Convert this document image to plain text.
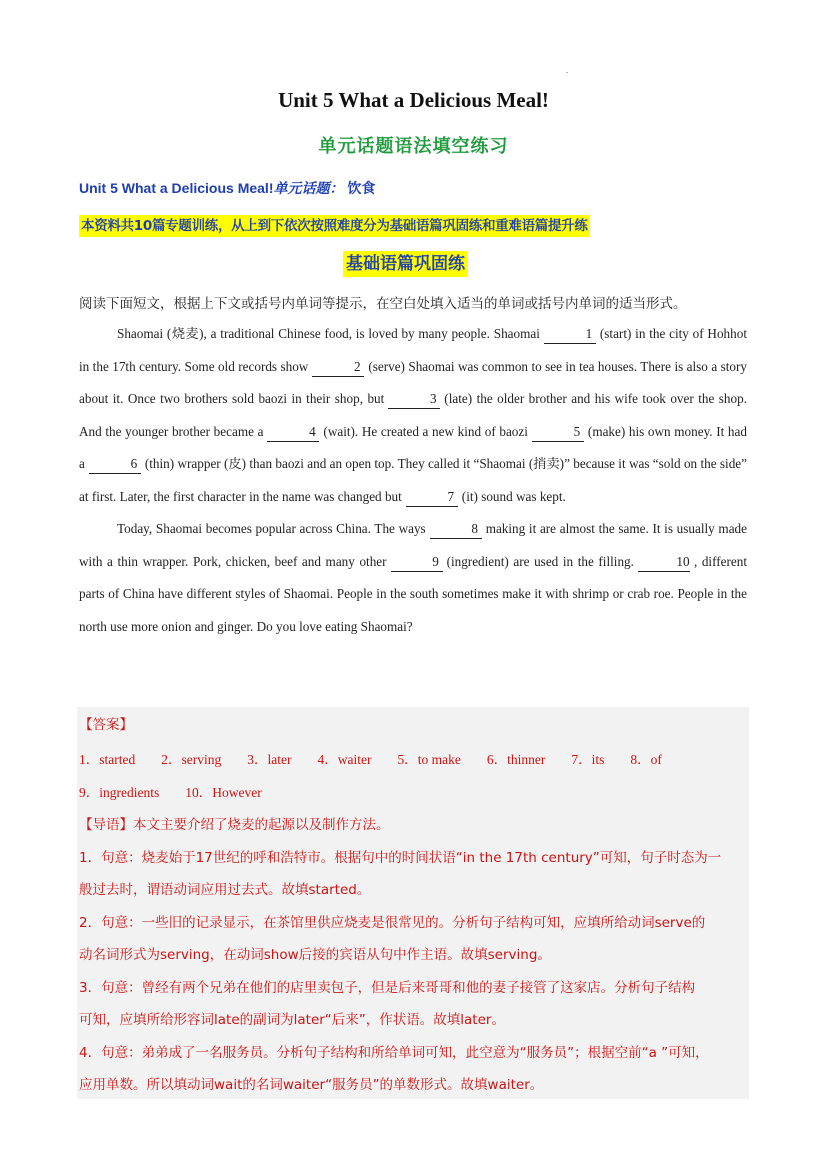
.
Unit 5 What a Delicious Meal!
单元话题语法填空练习
Unit 5 What a Delicious Meal!单元话题： 饮食
本资料共10篇专题训练，从上到下依次按照难度分为基础语篇巩固练和重难语篇提升练
基础语篇巩固练
阅读下面短文，根据上下文或括号内单词等提示，在空白处填入适当的单词或括号内单词的适当形式。

Shaomai (烧麦), a traditional Chinese food, is loved by many people. Shaomai	1 (start) in the city of Hohhot in the 17th century. Some old records show	2 (serve) Shaomai was common to see in tea houses. There is also a story about it. Once two brothers sold baozi in their shop, but	3 (late) the older brother and his wife took over the shop. And the younger brother became a	4 (wait). He created a new kind of baozi	5 (make) his own money. It had a	6 (thin) wrapper (皮) than baozi and an open top. They called it “Shaomai (捎卖)” because it was “sold on the side” at first. Later, the first character in the name was changed but	7 (it) sound was kept.

Today, Shaomai becomes popular across China. The ways	8 making it are almost the same. It is usually made with a thin wrapper. Pork, chicken, beef and many other	9 (ingredient) are used in the filling.	10 , different parts of China have different styles of Shaomai. People in the south sometimes make it with shrimp or crab roe. People in the north use more onion and ginger. Do you love eating Shaomai?

【答案】
1．started 2．serving 3．later 4．waiter 5．to make 6．thinner 7．its 8．of
9．ingredients 10．However
【导语】本文主要介绍了烧麦的起源以及制作方法。
1．句意：烧麦始于17世纪的呼和浩特市。根据句中的时间状语“in the 17th century”可知，句子时态为一
般过去时，谓语动词应用过去式。故填started。
2．句意：一些旧的记录显示，在茶馆里供应烧麦是很常见的。分析句子结构可知，应填所给动词serve的
动名词形式为serving，在动词show后接的宾语从句中作主语。故填serving。
3．句意：曾经有两个兄弟在他们的店里卖包子，但是后来哥哥和他的妻子接管了这家店。分析句子结构
可知，应填所给形容词late的副词为later“后来”，作状语。故填later。
4．句意：弟弟成了一名服务员。分析句子结构和所给单词可知，此空意为“服务员”；根据空前“a ”可知，
应用单数。所以填动词wait的名词waiter“服务员”的单数形式。故填waiter。
